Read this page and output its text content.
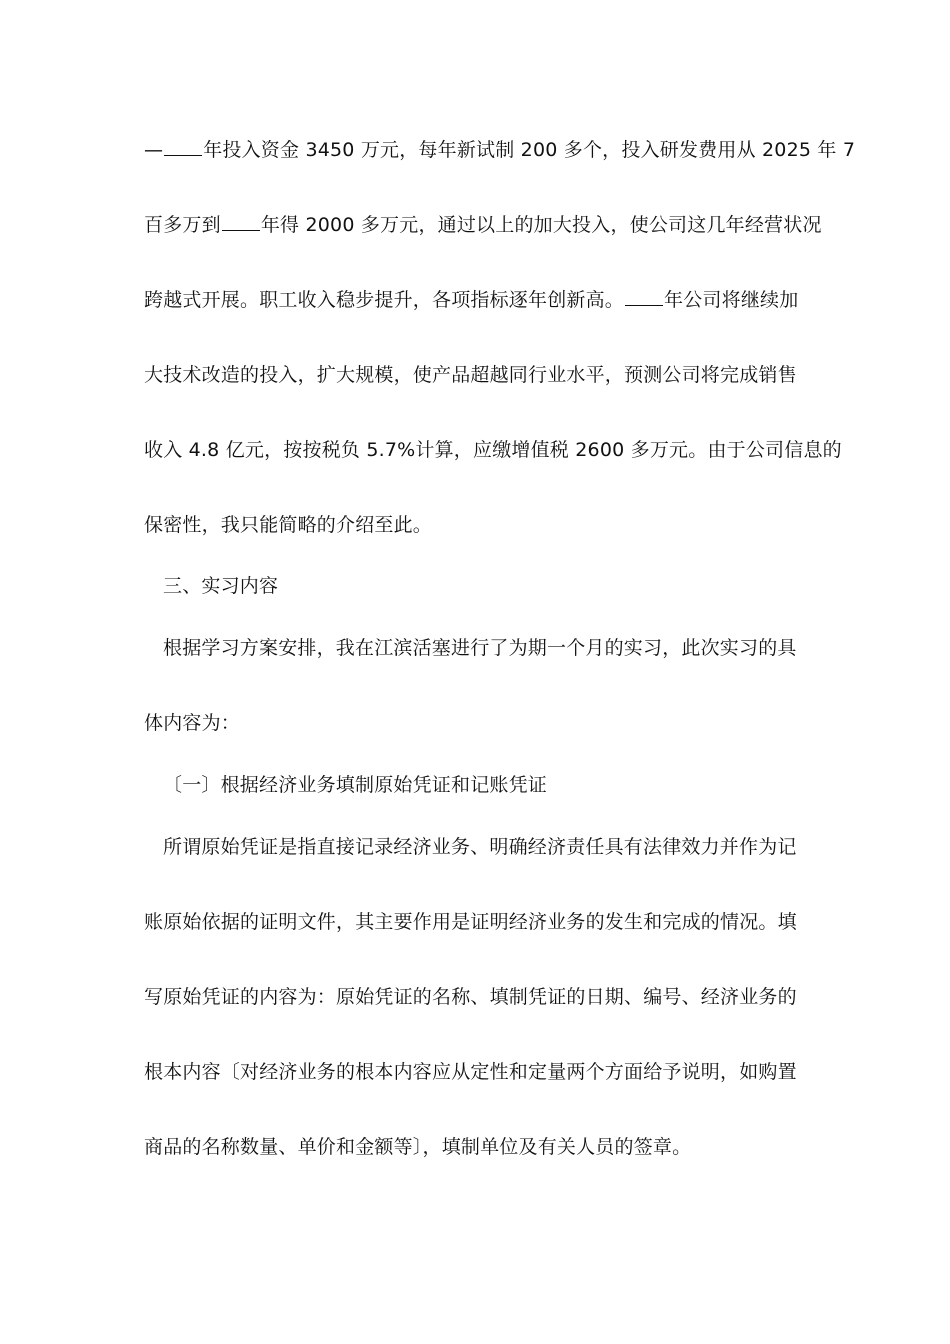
— 年投入资金 3450 万元，每年新试制 200 多个，投入研发费用从 2025 年 7
百多万到 年得 2000 多万元，通过以上的加大投入，使公司这几年经营状况
跨越式开展。职工收入稳步提升，各项指标逐年创新高。 年公司将继续加
大技术改造的投入，扩大规模，使产品超越同行业水平，预测公司将完成销售
收入 4.8 亿元，按按税负 5.7%计算，应缴增值税 2600 多万元。由于公司信息的
保密性，我只能简略的介绍至此。
三、实习内容
根据学习方案安排，我在江滨活塞进行了为期一个月的实习，此次实习的具
体内容为：
〔一〕根据经济业务填制原始凭证和记账凭证
所谓原始凭证是指直接记录经济业务、明确经济责任具有法律效力并作为记
账原始依据的证明文件，其主要作用是证明经济业务的发生和完成的情况。填
写原始凭证的内容为：原始凭证的名称、填制凭证的日期、编号、经济业务的
根本内容〔对经济业务的根本内容应从定性和定量两个方面给予说明，如购置
商品的名称数量、单价和金额等〕，填制单位及有关人员的签章。
